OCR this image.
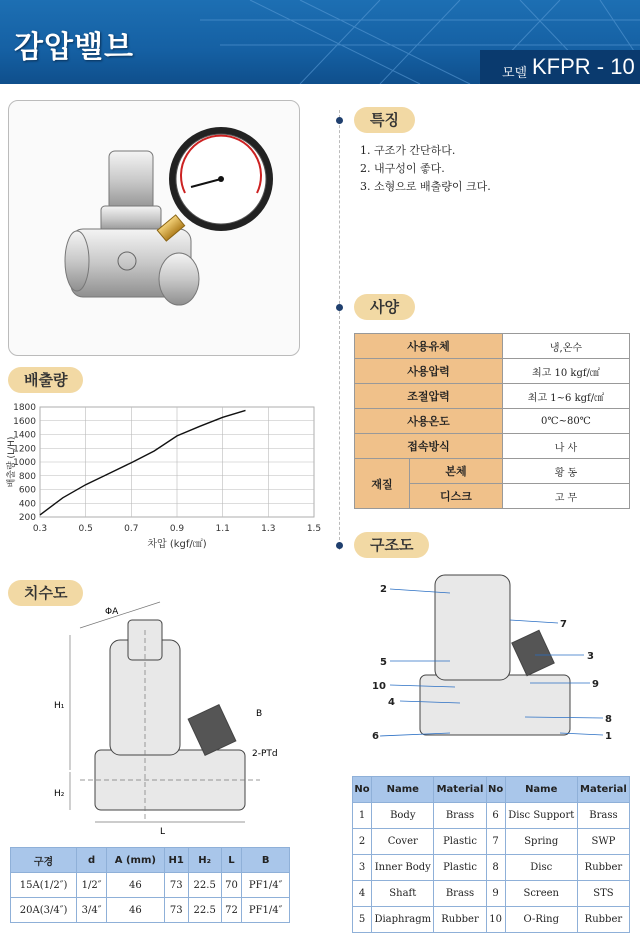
감압밸브
모델 KFPR - 10
특징
1. 구조가 간단하다.
2. 내구성이 좋다.
3. 소형으로 배출량이 크다.
사양
사용유체		냉,온수
사용압력		최고 10 kgf/㎠
조절압력		최고 1~6 kgf/㎠
사용온도		0℃~80℃
접속방식		나 사
재질	본체	황 동
	디스크	고 무
배출량
200
400
600
800
1000
1200
1400
1600
1800
0.3	0.5	0.7	0.9	1.1	1.3	1.5
차압 (kgf/㎠)
배출량 (L/H)
치수도
ΦA
H₁
H₂
L
B
2-PTd
구경	d	A (mm)	H1	H₂	L	B
15A(1/2″)	1/2″	46	73	22.5	70	PF1/4″
20A(3/4″)	3/4″	46	73	22.5	72	PF1/4″
구조도
2
7
5
3
10	9
4
8
6	1
No	Name	Material	No	Name	Material
1	Body	Brass	6	Disc Support	Brass
2	Cover	Plastic	7	Spring	SWP
3	Inner Body	Plastic	8	Disc	Rubber
4	Shaft	Brass	9	Screen	STS
5	Diaphragm	Rubber	10	O-Ring	Rubber
